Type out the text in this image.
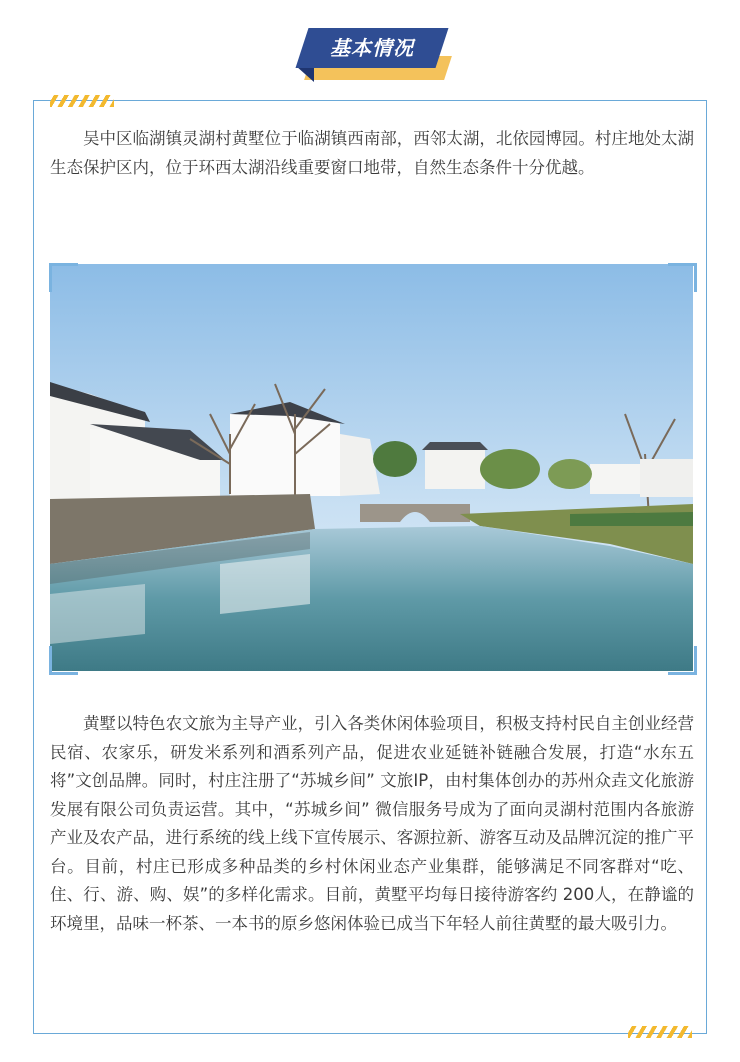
基本情况

吴中区临湖镇灵湖村黄墅位于临湖镇西南部，西邻太湖，北依园博园。村庄地处太湖生态保护区内，位于环西太湖沿线重要窗口地带，自然生态条件十分优越。

黄墅以特色农文旅为主导产业，引入各类休闲体验项目，积极支持村民自主创业经营民宿、农家乐，研发米系列和酒系列产品，促进农业延链补链融合发展，打造“水东五将”文创品牌。同时，村庄注册了“苏城乡间” 文旅IP，由村集体创办的苏州众垚文化旅游发展有限公司负责运营。其中，“苏城乡间” 微信服务号成为了面向灵湖村范围内各旅游产业及农产品，进行系统的线上线下宣传展示、客源拉新、游客互动及品牌沉淀的推广平台。目前，村庄已形成多种品类的乡村休闲业态产业集群，能够满足不同客群对“吃、住、行、游、购、娱”的多样化需求。目前，黄墅平均每日接待游客约 200人，在静谧的环境里，品味一杯茶、一本书的原乡悠闲体验已成当下年轻人前往黄墅的最大吸引力。
